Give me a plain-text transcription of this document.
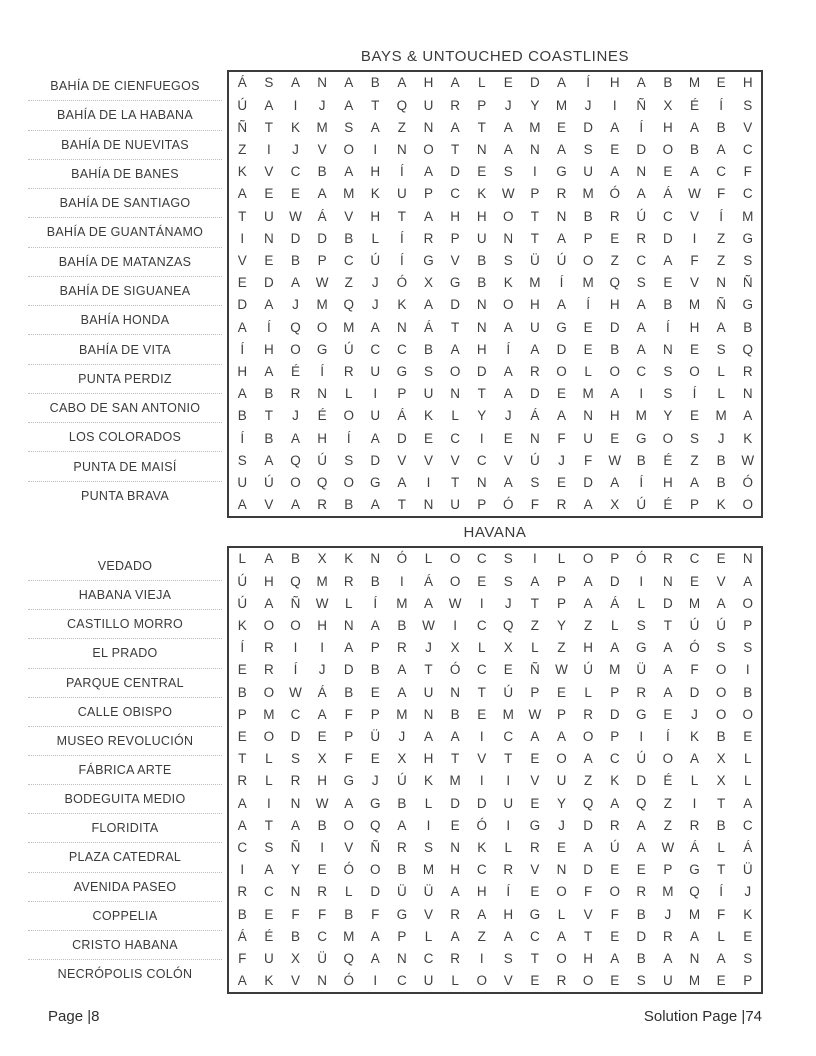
BAYS & UNTOUCHED COASTLINES
BAHÍA DE CIENFUEGOS
BAHÍA DE LA HABANA
BAHÍA DE NUEVITAS
BAHÍA DE BANES
BAHÍA DE SANTIAGO
BAHÍA DE GUANTÁNAMO
BAHÍA DE MATANZAS
BAHÍA DE SIGUANEA
BAHÍA HONDA
BAHÍA DE VITA
PUNTA PERDIZ
CABO DE SAN ANTONIO
LOS COLORADOS
PUNTA DE MAISÍ
PUNTA BRAVA
Á	S	A	N	A	B	A	H	A	L	E	D	A	Í	H	A	B	M	E	H
Ú	A	I	J	A	T	Q	U	R	P	J	Y	M	J	I	Ñ	X	É	Í	S
Ñ	T	K	M	S	A	Z	N	A	T	A	M	E	D	A	Í	H	A	B	V
Z	I	J	V	O	I	N	O	T	N	A	N	A	S	E	D	O	B	A	C
K	V	C	B	A	H	Í	A	D	E	S	I	G	U	A	N	E	A	C	F
A	E	E	A	M	K	U	P	C	K	W	P	R	M	Ó	A	Á	W	F	C
T	U	W	Á	V	H	T	A	H	H	O	T	N	B	R	Ú	C	V	Í	M
I	N	D	D	B	L	Í	R	P	U	N	T	A	P	E	R	D	I	Z	G
V	E	B	P	C	Ú	Í	G	V	B	S	Ü	Ú	O	Z	C	A	F	Z	S
E	D	A	W	Z	J	Ó	X	G	B	K	M	Í	M	Q	S	E	V	N	Ñ
D	A	J	M	Q	J	K	A	D	N	O	H	A	Í	H	A	B	M	Ñ	G
A	Í	Q	O	M	A	N	Á	T	N	A	U	G	E	D	A	Í	H	A	B
Í	H	O	G	Ú	C	C	B	A	H	Í	A	D	E	B	A	N	E	S	Q
H	A	É	Í	R	U	G	S	O	D	A	R	O	L	O	C	S	O	L	R
A	B	R	N	L	I	P	U	N	T	A	D	E	M	A	I	S	Í	L	N
B	T	J	É	O	U	Á	K	L	Y	J	Á	A	N	H	M	Y	E	M	A
Í	B	A	H	Í	A	D	E	C	I	E	N	F	U	E	G	O	S	J	K
S	A	Q	Ú	S	D	V	V	V	C	V	Ú	J	F	W	B	É	Z	B	W
U	Ú	O	Q	O	G	A	I	T	N	A	S	E	D	A	Í	H	A	B	Ó
A	V	A	R	B	A	T	N	U	P	Ó	F	R	A	X	Ú	É	P	K	O
HAVANA
VEDADO
HABANA VIEJA
CASTILLO MORRO
EL PRADO
PARQUE CENTRAL
CALLE OBISPO
MUSEO REVOLUCIÓN
FÁBRICA ARTE
BODEGUITA MEDIO
FLORIDITA
PLAZA CATEDRAL
AVENIDA PASEO
COPPELIA
CRISTO HABANA
NECRÓPOLIS COLÓN
L	A	B	X	K	N	Ó	L	O	C	S	I	L	O	P	Ó	R	C	E	N
Ú	H	Q	M	R	B	I	Á	O	E	S	A	P	A	D	I	N	E	V	A
Ú	A	Ñ	W	L	Í	M	A	W	I	J	T	P	A	Á	L	D	M	A	O
K	O	O	H	N	A	B	W	I	C	Q	Z	Y	Z	L	S	T	Ú	Ú	P
Í	R	I	I	A	P	R	J	X	L	X	L	Z	H	A	G	A	Ó	S	S
E	R	Í	J	D	B	A	T	Ó	C	E	Ñ	W	Ú	M	Ü	A	F	O	I
B	O	W	Á	B	E	A	U	N	T	Ú	P	E	L	P	R	A	D	O	B
P	M	C	A	F	P	M	N	B	E	M	W	P	R	D	G	E	J	O	O
E	O	D	E	P	Ü	J	A	A	I	C	A	A	O	P	I	Í	K	B	E
T	L	S	X	F	E	X	H	T	V	T	E	O	A	C	Ú	O	A	X	L
R	L	R	H	G	J	Ú	K	M	I	I	V	U	Z	K	D	É	L	X	L
A	I	N	W	A	G	B	L	D	D	U	E	Y	Q	A	Q	Z	I	T	A
A	T	A	B	O	Q	A	I	E	Ó	I	G	J	D	R	A	Z	R	B	C
C	S	Ñ	I	V	Ñ	R	S	N	K	L	R	E	A	Ú	A	W	Á	L	Á
I	A	Y	E	Ó	O	B	M	H	C	R	V	N	D	E	E	P	G	T	Ü
R	C	N	R	L	D	Ü	Ü	A	H	Í	E	O	F	O	R	M	Q	Í	J
B	E	F	F	B	F	G	V	R	A	H	G	L	V	F	B	J	M	F	K
Á	É	B	C	M	A	P	L	A	Z	A	C	A	T	E	D	R	A	L	E
F	U	X	Ü	Q	A	N	C	R	I	S	T	O	H	A	B	A	N	A	S
A	K	V	N	Ó	I	C	U	L	O	V	E	R	O	E	S	U	M	E	P
Page |8	Solution Page |74
